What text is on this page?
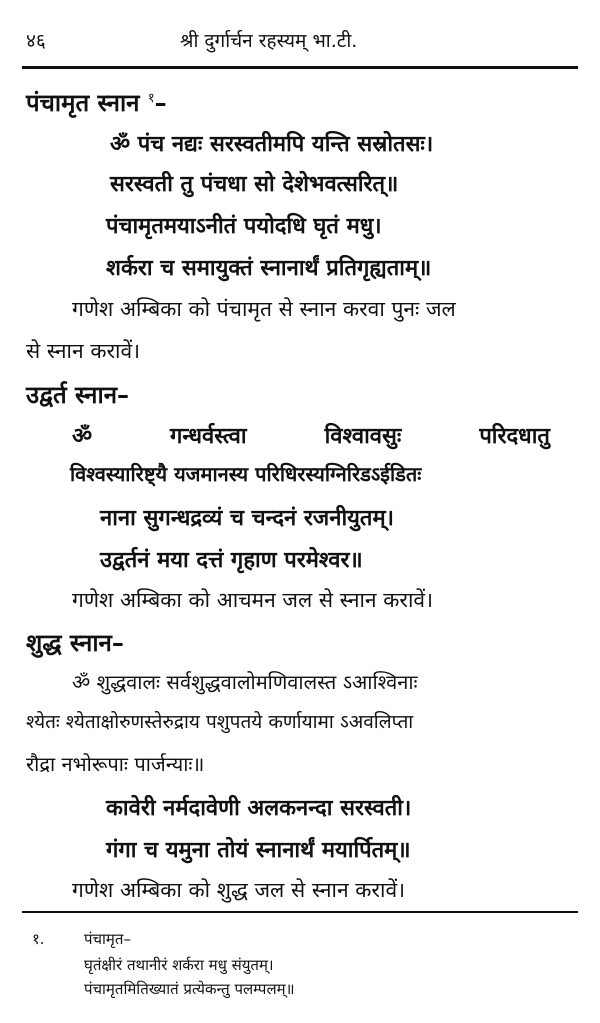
४६	श्री दुर्गार्चन रहस्यम् भा.टी.
पंचामृत स्नान $^१$–
ॐ पंच नद्यः सरस्वतीमपि यन्ति सस्रोतसः।
सरस्वती तु पंचधा सो देशेभवत्सरित्॥
पंचामृतमयाऽनीतं पयोदधि घृतं मधु।
शर्करा च समायुक्तं स्नानार्थं प्रतिगृह्यताम्॥
गणेश अम्बिका को पंचामृत से स्नान करवा पुनः जल
से स्नान करावें।
उद्वर्त स्नान–
ॐ	गन्धर्वस्त्वा	विश्वावसुः	परिदधातु
विश्वस्यारिष्ट्यै यजमानस्य परिधिरस्यग्निरिडऽईडितः
नाना सुगन्धद्रव्यं च चन्दनं रजनीयुतम्।
उद्वर्तनं मया दत्तं गृहाण परमेश्वर॥
गणेश अम्बिका को आचमन जल से स्नान करावें।
शुद्ध स्नान–
ॐ शुद्धवालः सर्वशुद्धवालोमणिवालस्त ऽआश्विनाः
श्येतः श्येताक्षोरुणस्तेरुद्राय पशुपतये कर्णायामा ऽअवलिप्ता
रौद्रा नभोरूपाः पार्जन्याः॥
कावेरी नर्मदावेणी अलकनन्दा सरस्वती।
गंगा च यमुना तोयं स्नानार्थं मयार्पितम्॥
गणेश अम्बिका को शुद्ध जल से स्नान करावें।
१.	पंचामृत–
घृतंक्षीरं तथानीरं शर्करा मधु संयुतम्।
पंचामृतमितिख्यातं प्रत्येकन्तु पलम्पलम्॥
